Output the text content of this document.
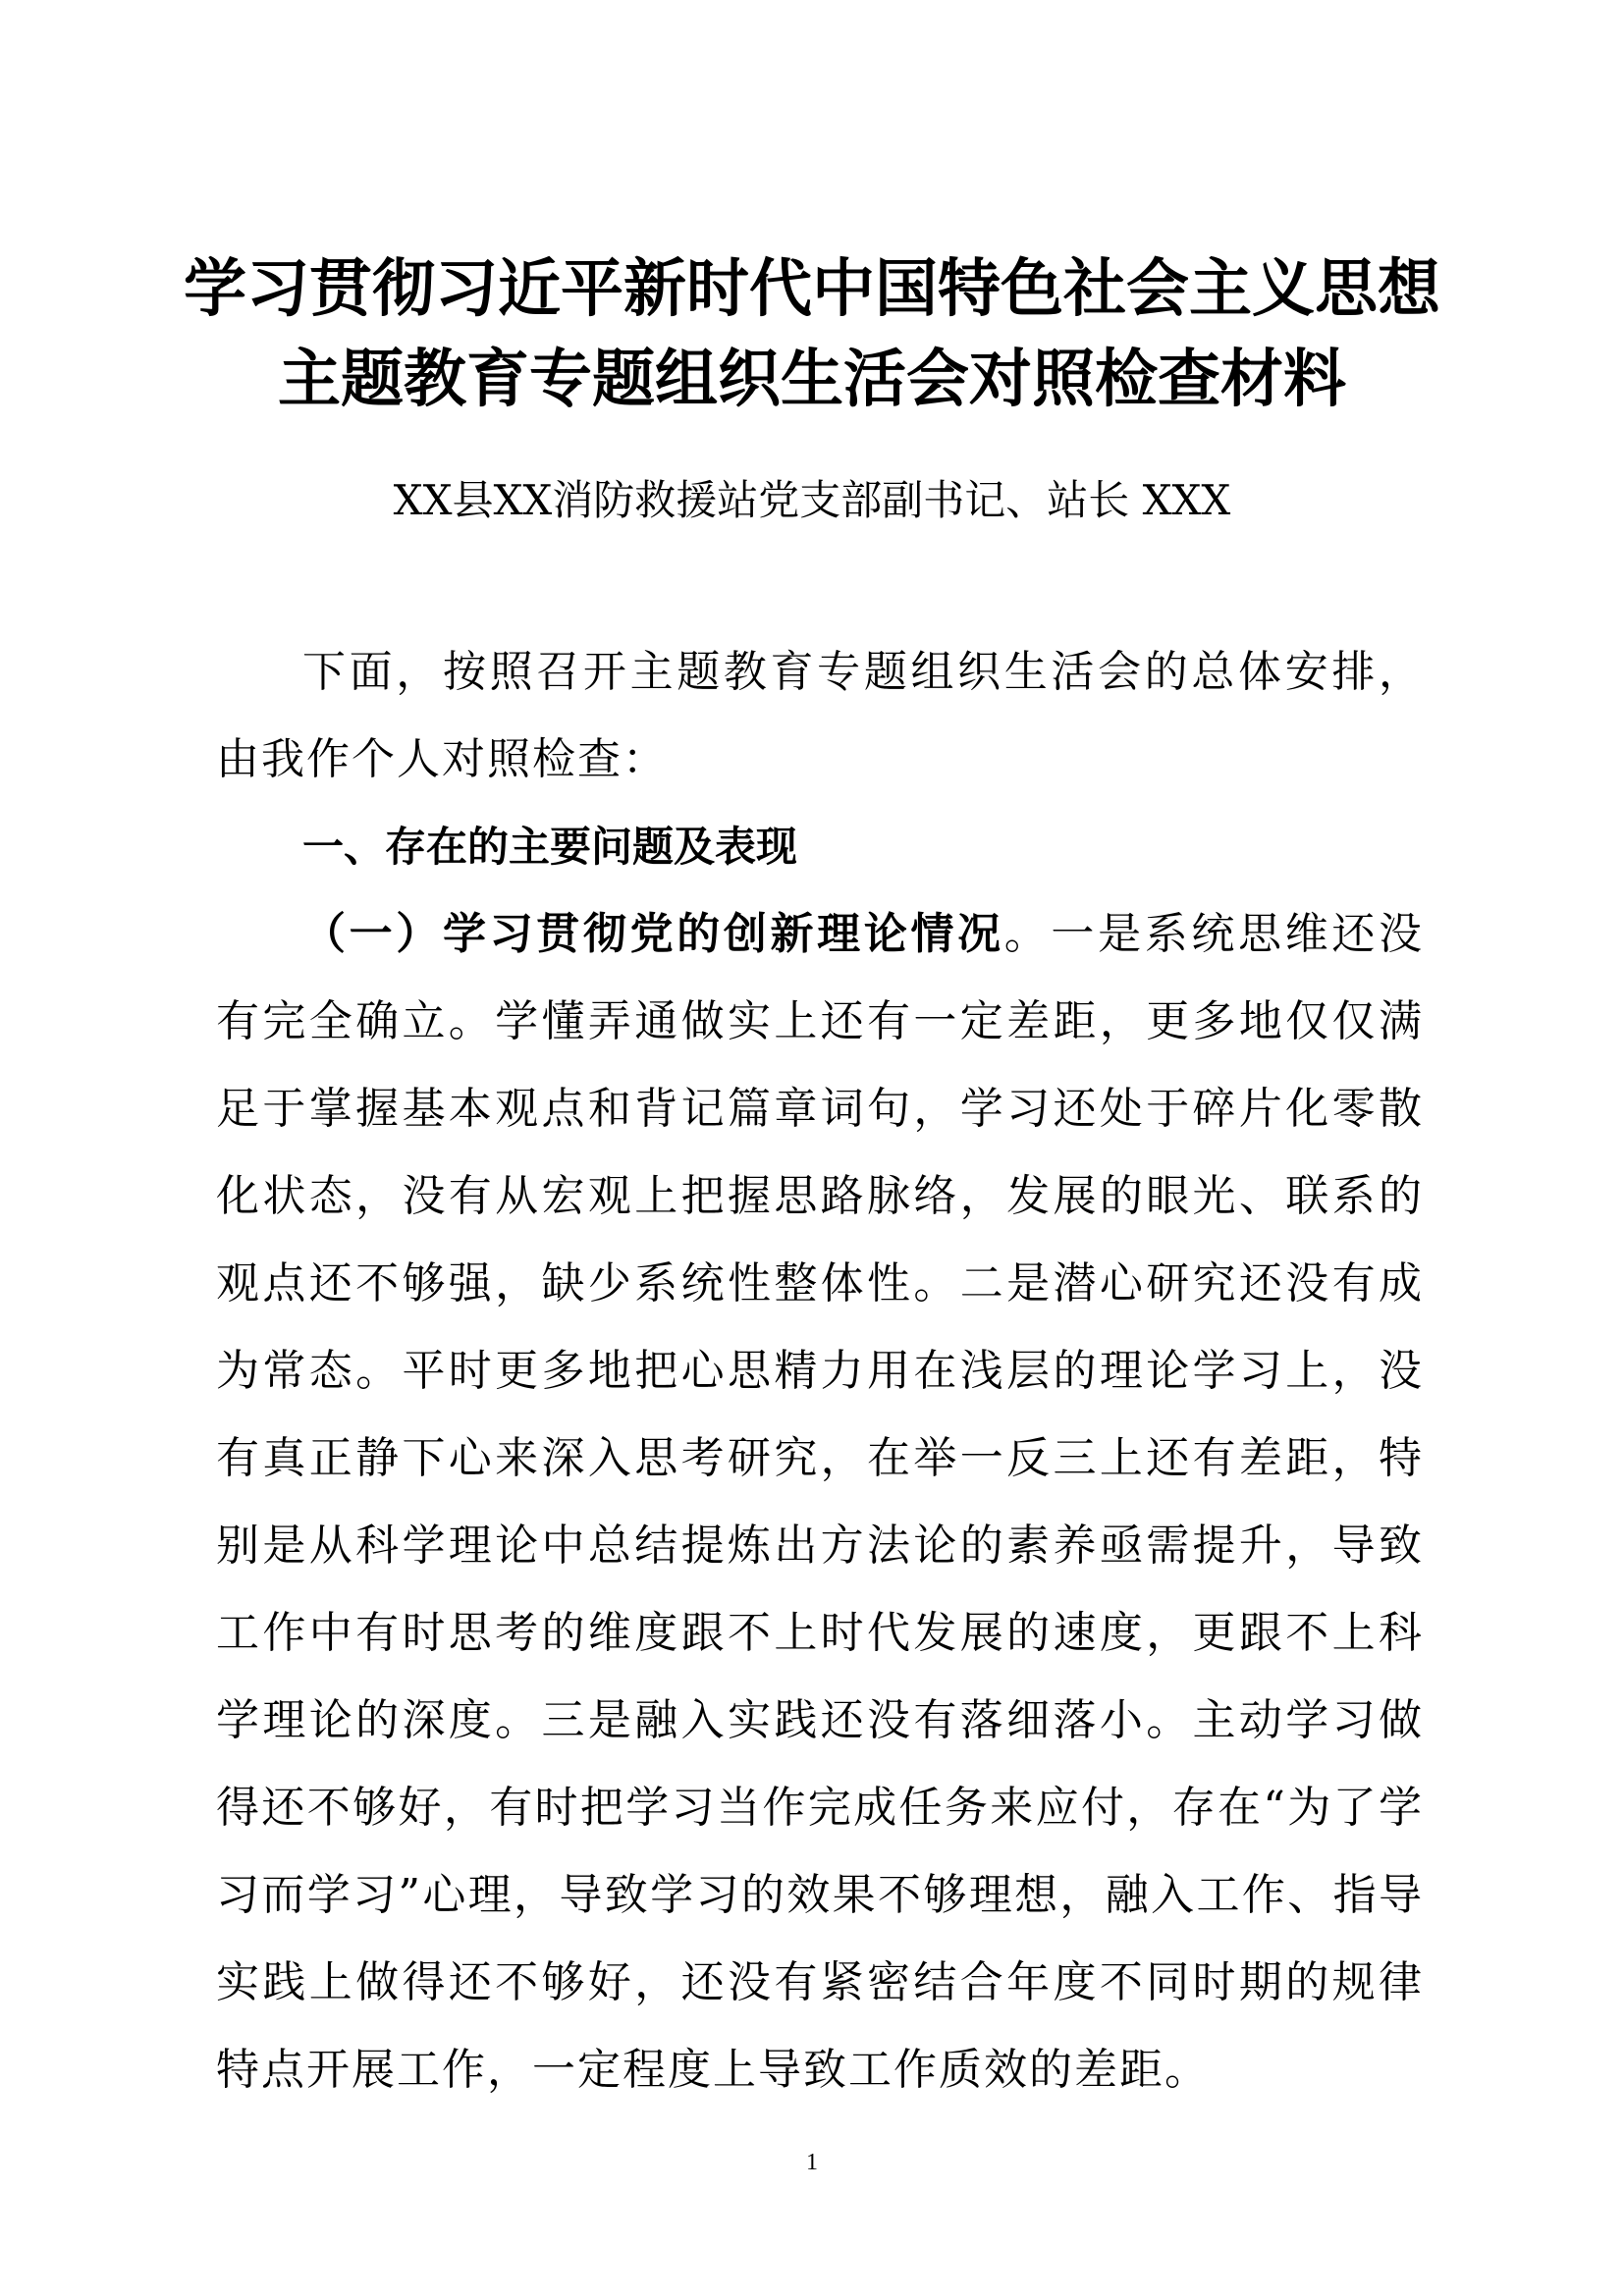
学习贯彻习近平新时代中国特色社会主义思想
主题教育专题组织生活会对照检查材料

XX县XX消防救援站党支部副书记、站长 XXX

下面，按照召开主题教育专题组织生活会的总体安排，由我作个人对照检查：

一、存在的主要问题及表现

（一）学习贯彻党的创新理论情况。一是系统思维还没有完全确立。学懂弄通做实上还有一定差距，更多地仅仅满足于掌握基本观点和背记篇章词句，学习还处于碎片化零散化状态，没有从宏观上把握思路脉络，发展的眼光、联系的观点还不够强，缺少系统性整体性。二是潜心研究还没有成为常态。平时更多地把心思精力用在浅层的理论学习上，没有真正静下心来深入思考研究，在举一反三上还有差距，特别是从科学理论中总结提炼出方法论的素养亟需提升，导致工作中有时思考的维度跟不上时代发展的速度，更跟不上科学理论的深度。三是融入实践还没有落细落小。主动学习做得还不够好，有时把学习当作完成任务来应付，存在“为了学习而学习”心理，导致学习的效果不够理想，融入工作、指导实践上做得还不够好，还没有紧密结合年度不同时期的规律特点开展工作，一定程度上导致工作质效的差距。

1
